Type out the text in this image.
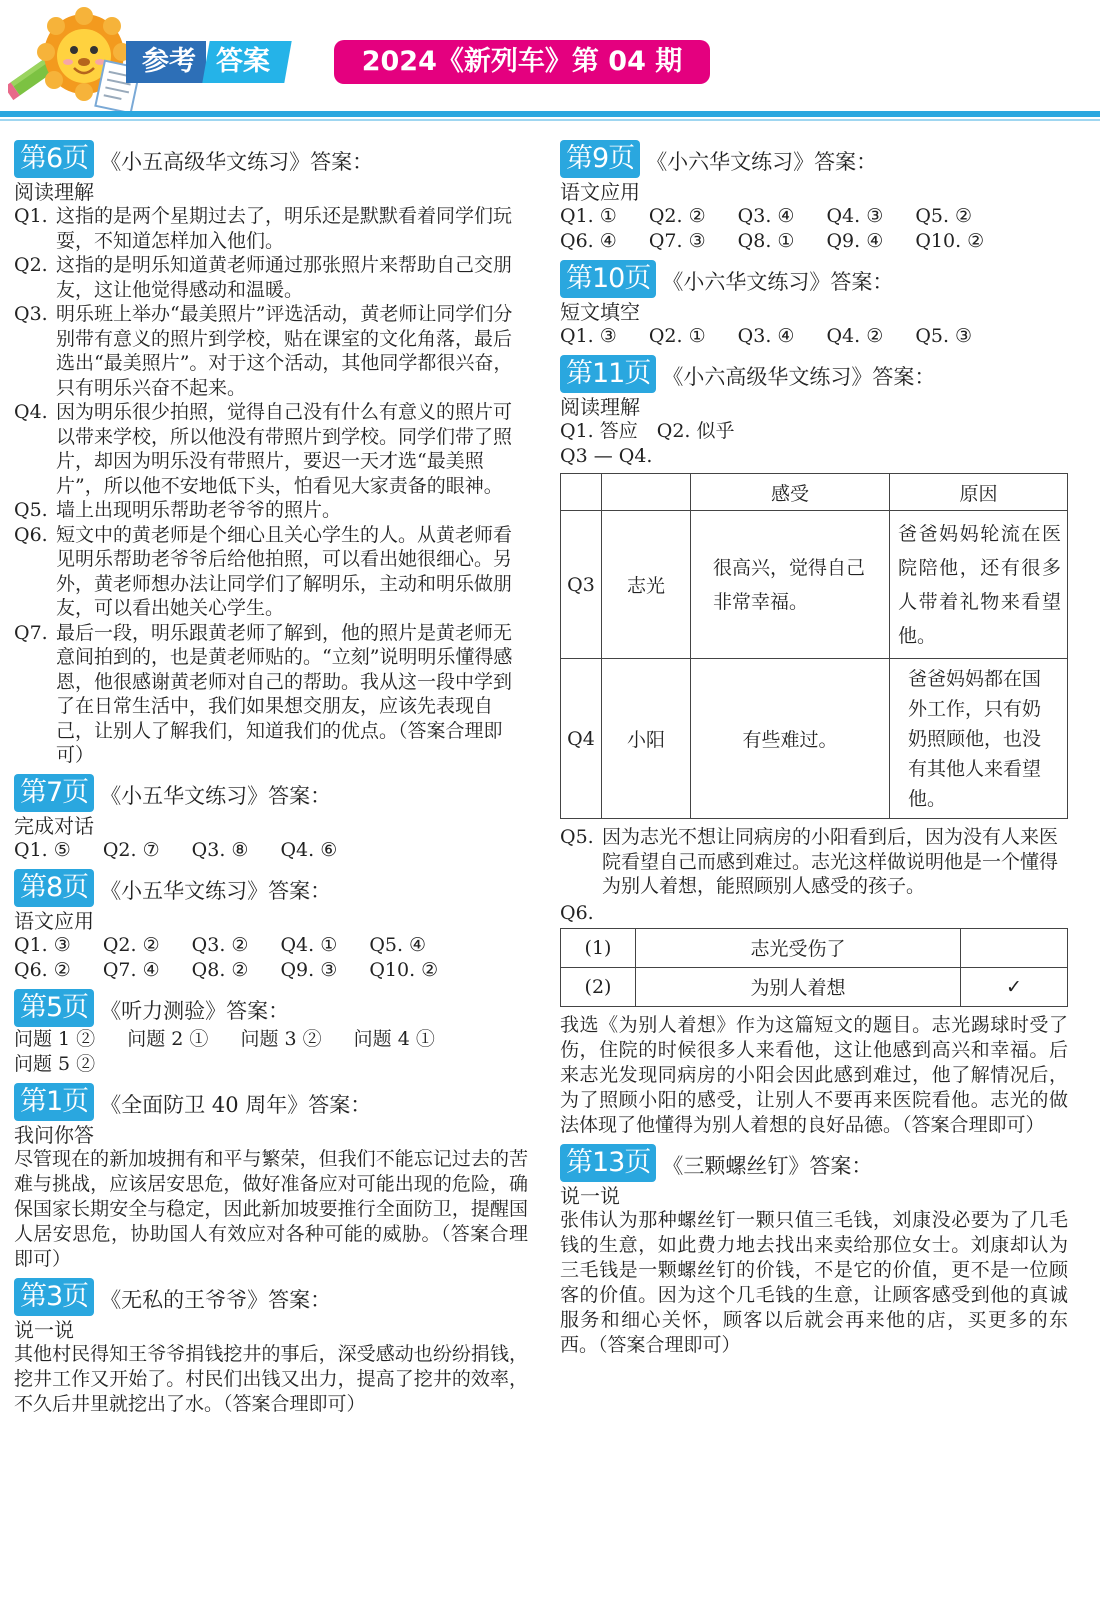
参考 答案	2024《新列车》第 04 期
第6页 《小五高级华文练习》答案：
阅读理解
Q1. 这指的是两个星期过去了，明乐还是默默看着同学们玩耍，不知道怎样加入他们。
Q2. 这指的是明乐知道黄老师通过那张照片来帮助自己交朋友，这让他觉得感动和温暖。
Q3. 明乐班上举办“最美照片”评选活动，黄老师让同学们分别带有意义的照片到学校，贴在课室的文化角落，最后选出“最美照片”。对于这个活动，其他同学都很兴奋，只有明乐兴奋不起来。
Q4. 因为明乐很少拍照，觉得自己没有什么有意义的照片可以带来学校，所以他没有带照片到学校。同学们带了照片，却因为明乐没有带照片，要迟一天才选“最美照片”，所以他不安地低下头，怕看见大家责备的眼神。
Q5. 墙上出现明乐帮助老爷爷的照片。
Q6. 短文中的黄老师是个细心且关心学生的人。从黄老师看见明乐帮助老爷爷后给他拍照，可以看出她很细心。另外，黄老师想办法让同学们了解明乐，主动和明乐做朋友，可以看出她关心学生。
Q7. 最后一段，明乐跟黄老师了解到，他的照片是黄老师无意间拍到的，也是黄老师贴的。“立刻”说明明乐懂得感恩，他很感谢黄老师对自己的帮助。我从这一段中学到了在日常生活中，我们如果想交朋友，应该先表现自己，让别人了解我们，知道我们的优点。（答案合理即可）
第7页 《小五华文练习》答案：
完成对话
Q1. ⑤ Q2. ⑦ Q3. ⑧ Q4. ⑥
第8页 《小五华文练习》答案：
语文应用
Q1. ③ Q2. ② Q3. ② Q4. ① Q5. ④
Q6. ② Q7. ④ Q8. ② Q9. ③ Q10. ②
第5页 《听力测验》答案：
问题 1 ② 问题 2 ① 问题 3 ② 问题 4 ①
问题 5 ②
第1页 《全面防卫 40 周年》答案：
我问你答
尽管现在的新加坡拥有和平与繁荣，但我们不能忘记过去的苦难与挑战，应该居安思危，做好准备应对可能出现的危险，确保国家长期安全与稳定，因此新加坡要推行全面防卫，提醒国人居安思危，协助国人有效应对各种可能的威胁。（答案合理即可）
第3页 《无私的王爷爷》答案：
说一说
其他村民得知王爷爷捐钱挖井的事后，深受感动也纷纷捐钱，挖井工作又开始了。村民们出钱又出力，提高了挖井的效率，不久后井里就挖出了水。（答案合理即可）
第9页 《小六华文练习》答案：
语文应用
Q1. ① Q2. ② Q3. ④ Q4. ③ Q5. ②
Q6. ④ Q7. ③ Q8. ① Q9. ④ Q10. ②
第10页 《小六华文练习》答案：
短文填空
Q1. ③ Q2. ① Q3. ④ Q4. ② Q5. ③
第11页 《小六高级华文练习》答案：
阅读理解
Q1. 答应　Q2. 似乎
Q3 — Q4.
		感受	原因
Q3	志光	很高兴，觉得自己非常幸福。	爸爸妈妈轮流在医院陪他，还有很多人带着礼物来看望他。
Q4	小阳	有些难过。	爸爸妈妈都在国外工作，只有奶奶照顾他，也没有其他人来看望他。
Q5. 因为志光不想让同病房的小阳看到后，因为没有人来医院看望自己而感到难过。志光这样做说明他是一个懂得为别人着想，能照顾别人感受的孩子。
Q6.
(1)	志光受伤了	
(2)	为别人着想	✓
我选《为别人着想》作为这篇短文的题目。志光踢球时受了伤，住院的时候很多人来看他，这让他感到高兴和幸福。后来志光发现同病房的小阳会因此感到难过，他了解情况后，为了照顾小阳的感受，让别人不要再来医院看他。志光的做法体现了他懂得为别人着想的良好品德。（答案合理即可）
第13页 《三颗螺丝钉》答案：
说一说
张伟认为那种螺丝钉一颗只值三毛钱，刘康没必要为了几毛钱的生意，如此费力地去找出来卖给那位女士。刘康却认为三毛钱是一颗螺丝钉的价钱，不是它的价值，更不是一位顾客的价值。因为这个几毛钱的生意，让顾客感受到他的真诚服务和细心关怀，顾客以后就会再来他的店，买更多的东西。（答案合理即可）
